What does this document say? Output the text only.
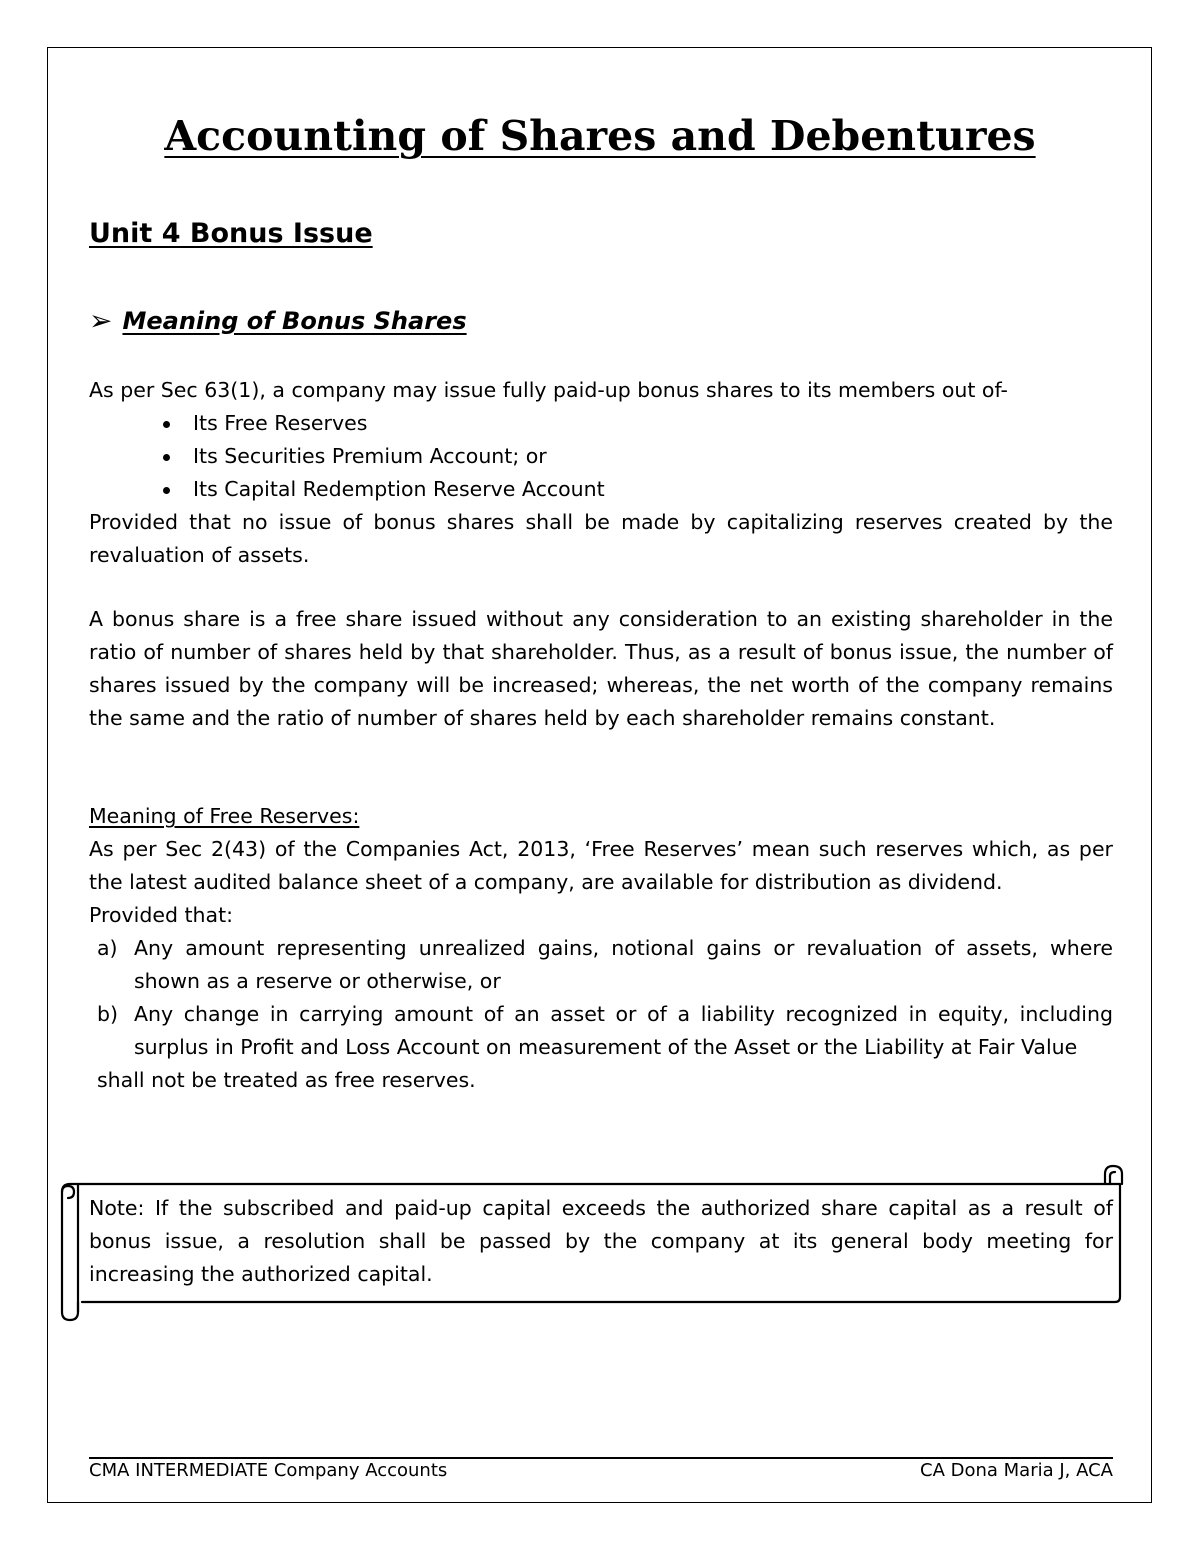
Accounting of Shares and Debentures
Unit 4 Bonus Issue
➢ Meaning of Bonus Shares

As per Sec 63(1), a company may issue fully paid-up bonus shares to its members out of-

Its Free Reserves
Its Securities Premium Account; or
Its Capital Redemption Reserve Account

Provided that no issue of bonus shares shall be made by capitalizing reserves created by the revaluation of assets.

A bonus share is a free share issued without any consideration to an existing shareholder in the ratio of number of shares held by that shareholder. Thus, as a result of bonus issue, the number of shares issued by the company will be increased; whereas, the net worth of the company remains the same and the ratio of number of shares held by each shareholder remains constant.

Meaning of Free Reserves:
As per Sec 2(43) of the Companies Act, 2013, ‘Free Reserves’ mean such reserves which, as per the latest audited balance sheet of a company, are available for distribution as dividend.
Provided that:
a) Any amount representing unrealized gains, notional gains or revaluation of assets, where shown as a reserve or otherwise, or
b) Any change in carrying amount of an asset or of a liability recognized in equity, including surplus in Profit and Loss Account on measurement of the Asset or the Liability at Fair Value
shall not be treated as free reserves.

Note: If the subscribed and paid-up capital exceeds the authorized share capital as a result of bonus issue, a resolution shall be passed by the company at its general body meeting for increasing the authorized capital.

CMA INTERMEDIATE Company Accounts	CA Dona Maria J, ACA
